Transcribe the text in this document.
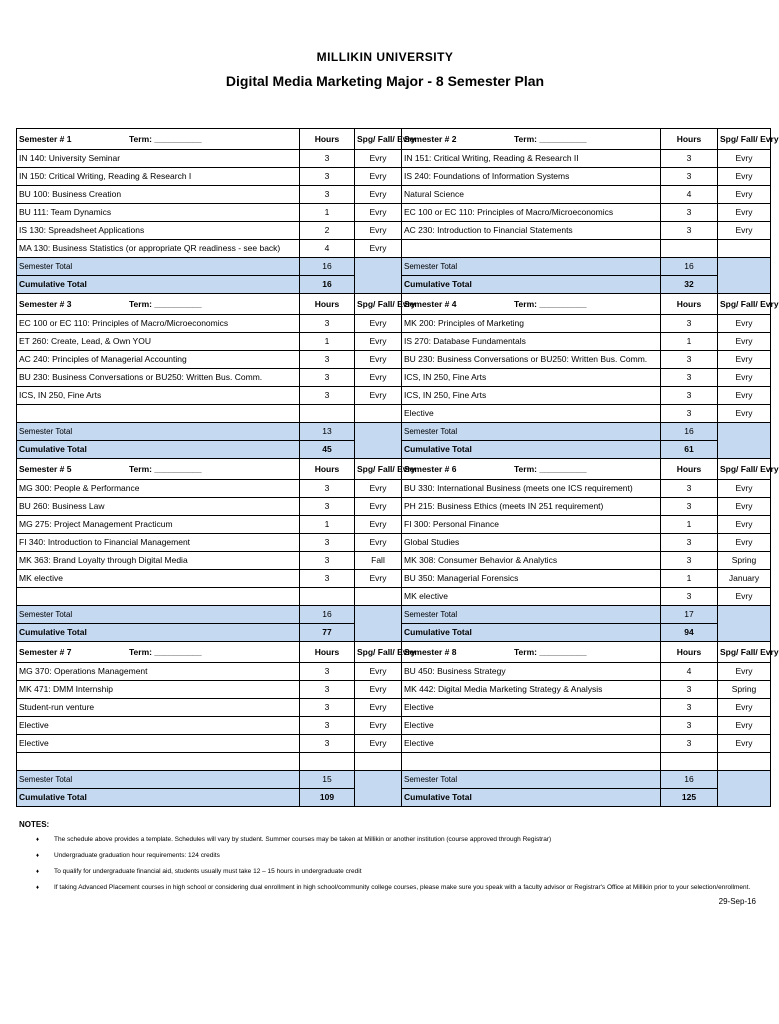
MILLIKIN UNIVERSITY
Digital Media Marketing Major - 8 Semester Plan
Semester # 1 Term: __________	Hours	Spg/ Fall/ Evry	Semester # 2 Term: __________	Hours	Spg/ Fall/ Evry
IN 140: University Seminar	3	Evry	IN 151: Critical Writing, Reading & Research II	3	Evry
IN 150: Critical Writing, Reading & Research I	3	Evry	IS 240: Foundations of Information Systems	3	Evry
BU 100: Business Creation	3	Evry	Natural Science	4	Evry
BU 111: Team Dynamics	1	Evry	EC 100 or EC 110: Principles of Macro/Microeconomics	3	Evry
IS 130: Spreadsheet Applications	2	Evry	AC 230: Introduction to Financial Statements	3	Evry
MA 130: Business Statistics (or appropriate QR readiness - see back)	4	Evry			
Semester Total	16		Semester Total	16	
Cumulative Total	16		Cumulative Total	32	
Semester # 3 Term: __________	Hours	Spg/ Fall/ Evry	Semester # 4 Term: __________	Hours	Spg/ Fall/ Evry
EC 100 or EC 110: Principles of Macro/Microeconomics	3	Evry	MK 200: Principles of Marketing	3	Evry
ET 260: Create, Lead, & Own YOU	1	Evry	IS 270: Database Fundamentals	1	Evry
AC 240: Principles of Managerial Accounting	3	Evry	BU 230: Business Conversations or BU250: Written Bus. Comm.	3	Evry
BU 230: Business Conversations or BU250: Written Bus. Comm.	3	Evry	ICS, IN 250, Fine Arts	3	Evry
ICS, IN 250, Fine Arts	3	Evry	ICS, IN 250, Fine Arts	3	Evry
			Elective	3	Evry
Semester Total	13		Semester Total	16	
Cumulative Total	45		Cumulative Total	61	
Semester # 5 Term: __________	Hours	Spg/ Fall/ Evry	Semester # 6 Term: __________	Hours	Spg/ Fall/ Evry
MG 300: People & Performance	3	Evry	BU 330: International Business (meets one ICS requirement)	3	Evry
BU 260: Business Law	3	Evry	PH 215: Business Ethics (meets IN 251 requirement)	3	Evry
MG 275: Project Management Practicum	1	Evry	FI 300: Personal Finance	1	Evry
FI 340: Introduction to Financial Management	3	Evry	Global Studies	3	Evry
MK 363: Brand Loyalty through Digital Media	3	Fall	MK 308: Consumer Behavior & Analytics	3	Spring
MK elective	3	Evry	BU 350: Managerial Forensics	1	January
			MK elective	3	Evry
Semester Total	16		Semester Total	17	
Cumulative Total	77		Cumulative Total	94	
Semester # 7 Term: __________	Hours	Spg/ Fall/ Evry	Semester # 8 Term: __________	Hours	Spg/ Fall/ Evry
MG 370: Operations Management	3	Evry	BU 450: Business Strategy	4	Evry
MK 471: DMM Internship	3	Evry	MK 442: Digital Media Marketing Strategy & Analysis	3	Spring
Student-run venture	3	Evry	Elective	3	Evry
Elective	3	Evry	Elective	3	Evry
Elective	3	Evry	Elective	3	Evry

Semester Total	15		Semester Total	16	
Cumulative Total	109		Cumulative Total	125	
NOTES:
♦ The schedule above provides a template. Schedules will vary by student. Summer courses may be taken at Millikin or another institution (course approved through Registrar)
♦ Undergraduate graduation hour requirements: 124 credits
♦ To qualify for undergraduate financial aid, students usually must take 12 – 15 hours in undergraduate credit
♦ If taking Advanced Placement courses in high school or considering dual enrollment in high school/community college courses, please make sure you speak with a faculty advisor or Registrar's Office at Millikin prior to your selection/enrollment.
29-Sep-16
